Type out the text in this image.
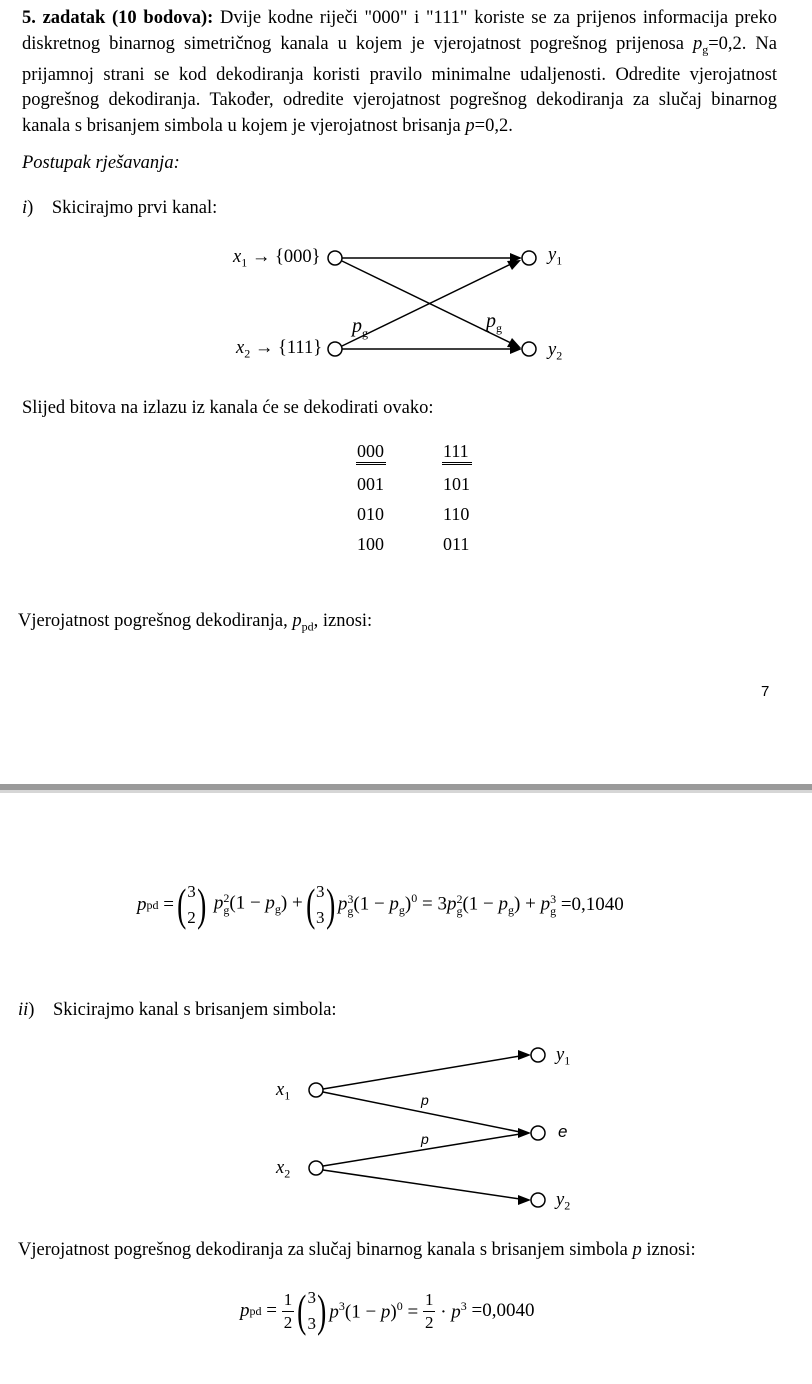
5. zadatak (10 bodova): Dvije kodne riječi "000" i "111" koriste se za prijenos informacija preko diskretnog binarnog simetričnog kanala u kojem je vjerojatnost pogrešnog prijenosa $p_g=0,2$. Na prijamnoj strani se kod dekodiranja koristi pravilo minimalne udaljenosti. Odredite vjerojatnost pogrešnog dekodiranja. Također, odredite vjerojatnost pogrešnog dekodiranja za slučaj binarnog kanala s brisanjem simbola u kojem je vjerojatnost brisanja p=0,2.
Postupak rješavanja:
i)    Skicirajmo prvi kanal:
$x_1 \to \{000\}$
$x_2 \to \{111\}$
$y_1$
$y_2$
$p_g$
$p_g$
Slijed bitova na izlazu iz kanala će se dekodirati ovako:
000	111
001	101
010	110
100	011
Vjerojatnost pogrešnog dekodiranja, $p_{pd}$, iznosi:
7
p pd = ( 3
2 ) p 2
g $(1 - p_g)$ + ( 3
3 ) p 3
g $(1 - p_g)^0 = 3p$ 2
g $(1 - p_g) + p$ 3
g
=0,1040
ii)    Skicirajmo kanal s brisanjem simbola:
$x_1$
$x_2$
$y_1$
e
$y_2$
p
p
Vjerojatnost pogrešnog dekodiranja za slučaj binarnog kanala s brisanjem simbola p iznosi:
p pd = $\frac{1}{2}$ ( 3
3 ) $p^3(1 - p)^0 = \frac{1}{2} \cdot p^3 =0,0040$
